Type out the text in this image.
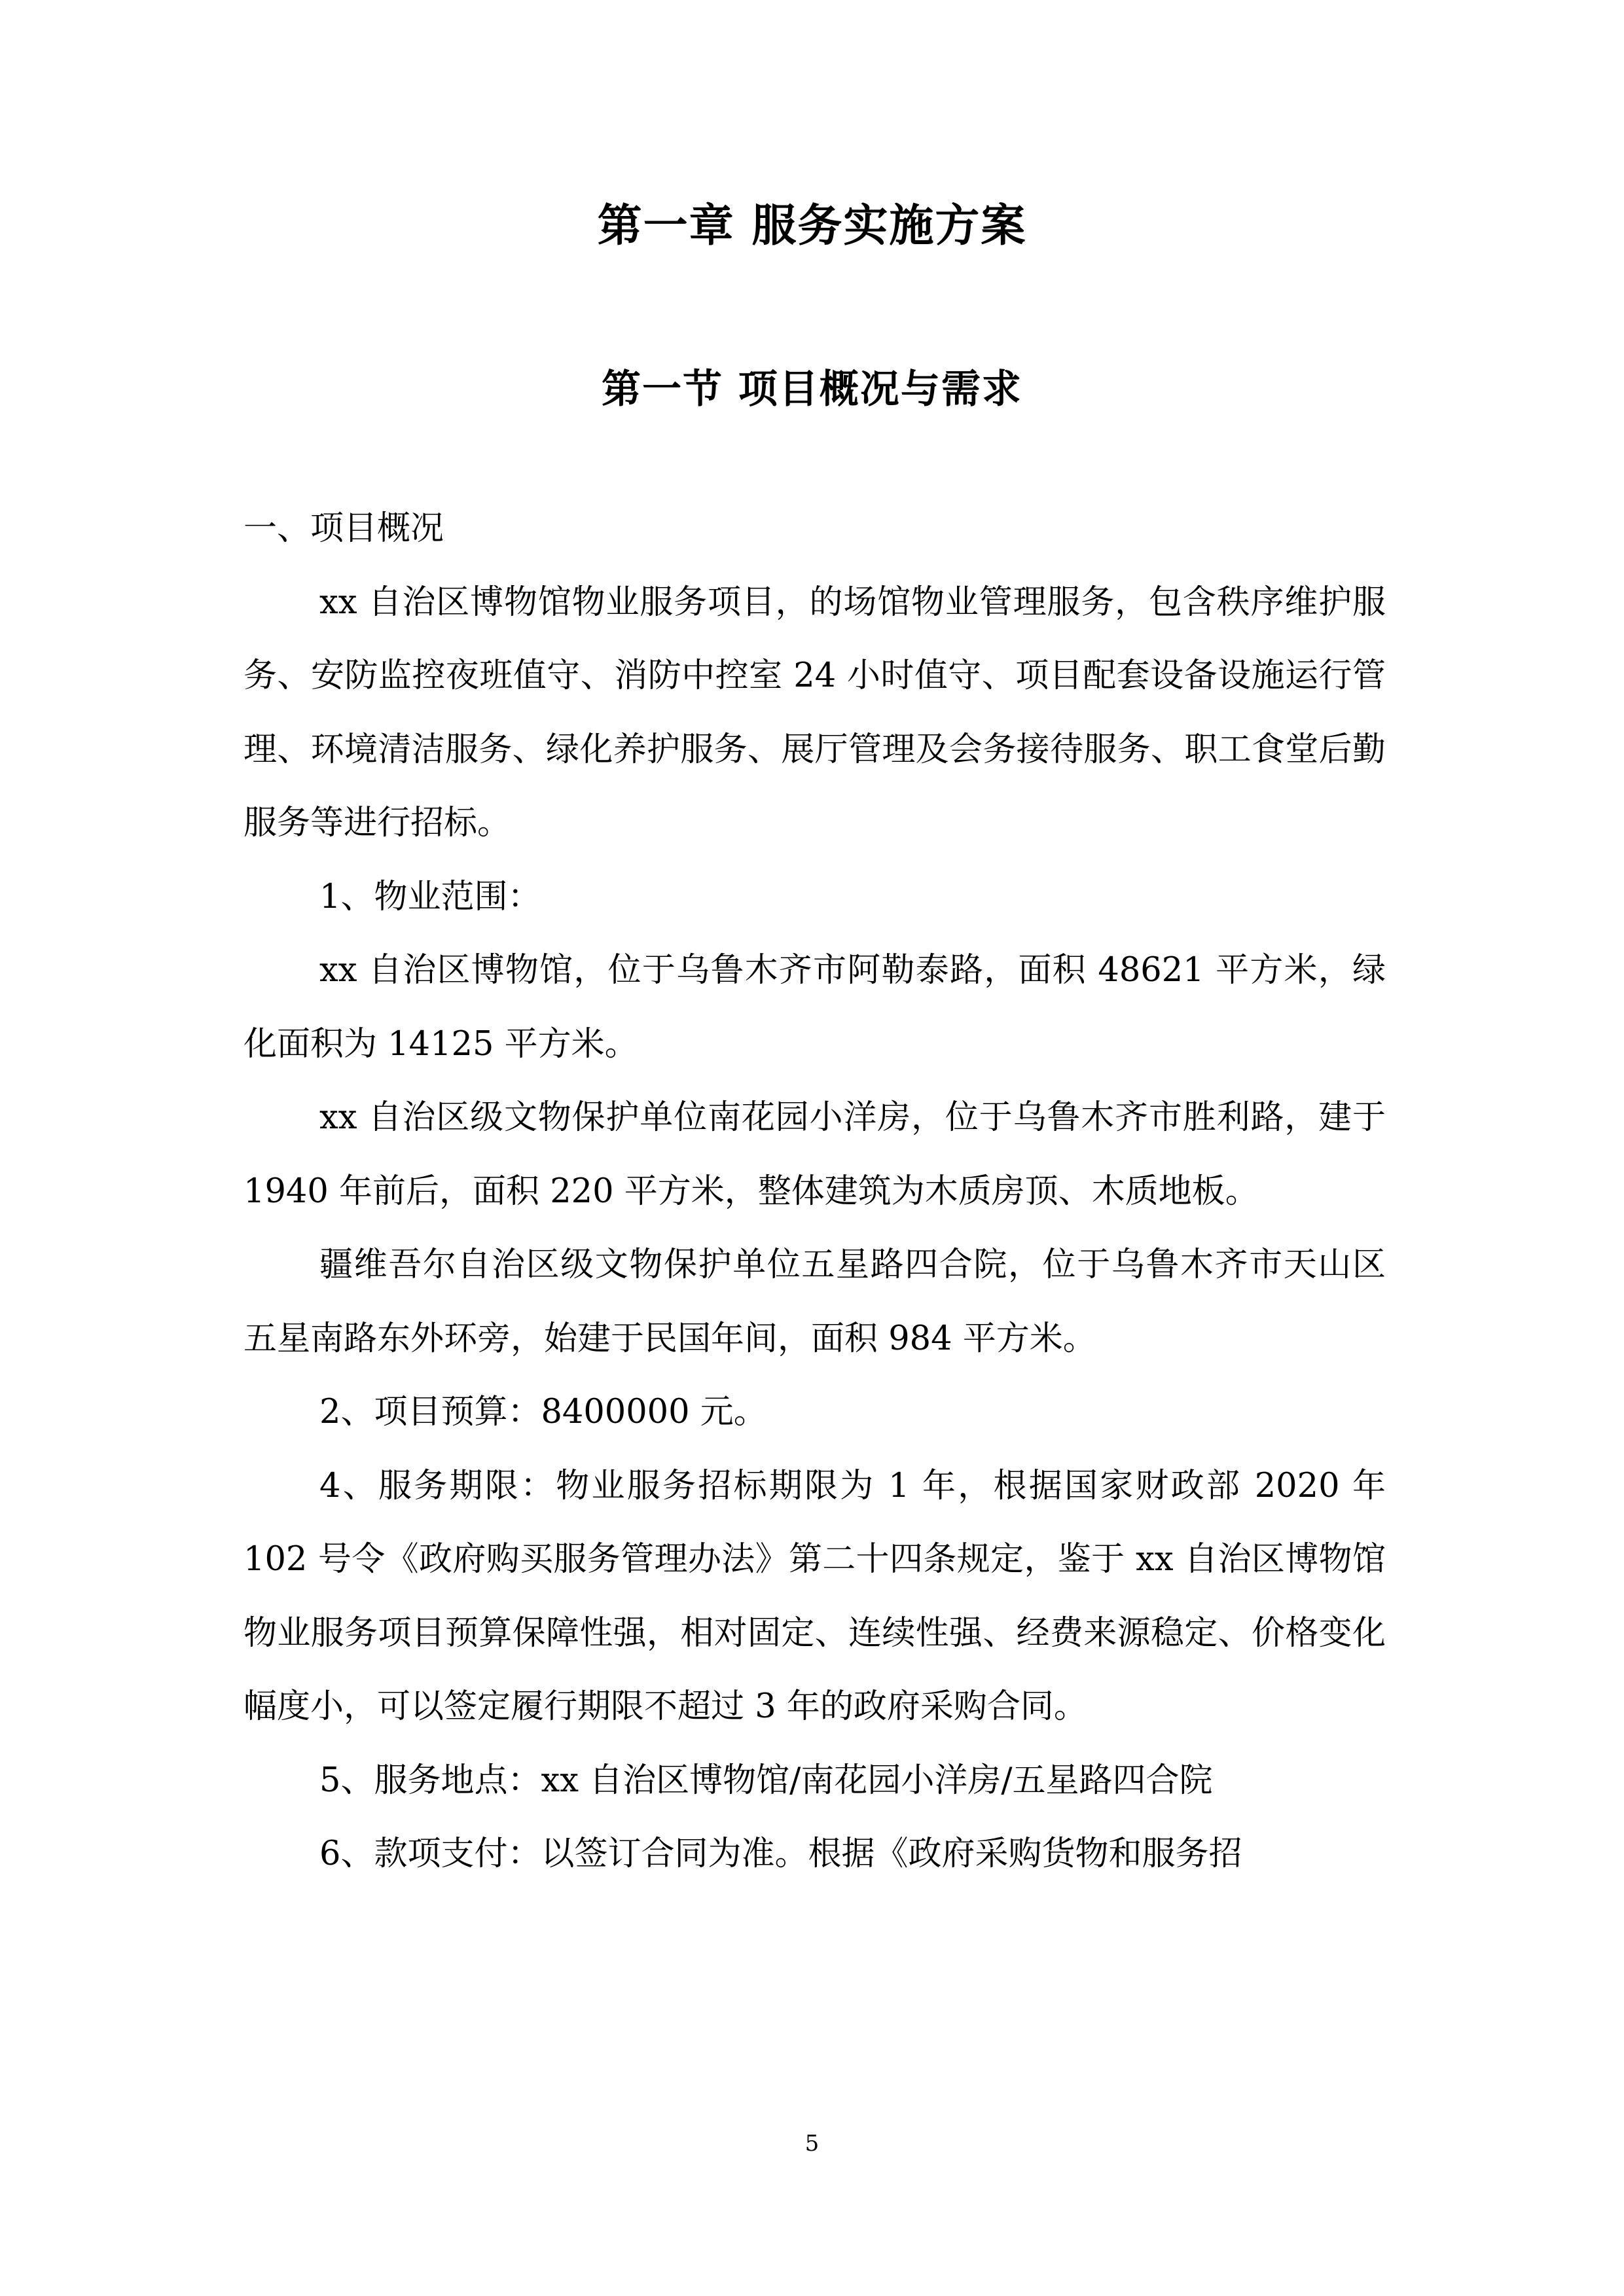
第一章 服务实施方案
第一节 项目概况与需求

一、项目概况

xx 自治区博物馆物业服务项目，的场馆物业管理服务，包含秩序维护服务、安防监控夜班值守、消防中控室 24 小时值守、项目配套设备设施运行管理、环境清洁服务、绿化养护服务、展厅管理及会务接待服务、职工食堂后勤服务等进行招标。

1、物业范围：

xx 自治区博物馆，位于乌鲁木齐市阿勒泰路，面积 48621 平方米，绿化面积为 14125 平方米。

xx 自治区级文物保护单位南花园小洋房，位于乌鲁木齐市胜利路，建于 1940 年前后，面积 220 平方米，整体建筑为木质房顶、木质地板。

疆维吾尔自治区级文物保护单位五星路四合院，位于乌鲁木齐市天山区五星南路东外环旁，始建于民国年间，面积 984 平方米。

2、项目预算：8400000 元。

4、服务期限：物业服务招标期限为 1 年，根据国家财政部 2020 年 102 号令《政府购买服务管理办法》第二十四条规定，鉴于 xx 自治区博物馆物业服务项目预算保障性强，相对固定、连续性强、经费来源稳定、价格变化幅度小，可以签定履行期限不超过 3 年的政府采购合同。

5、服务地点：xx 自治区博物馆/南花园小洋房/五星路四合院

6、款项支付：以签订合同为准。根据《政府采购货物和服务招

5
